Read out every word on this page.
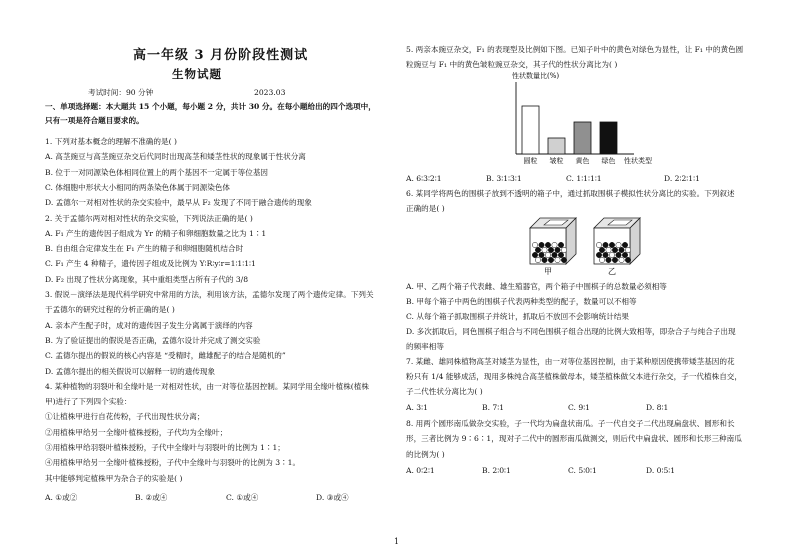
高一年级 3 月份阶段性测试
生物试题
考试时间：90 分钟	2023.03
一、单项选择题：本大题共 15 个小题，每小题 2 分，共计 30 分。在每小题给出的四个选项中，
只有一项是符合题目要求的。
1. 下列对基本概念的理解不准确的是( )
A. 高茎豌豆与高茎豌豆杂交后代同时出现高茎和矮茎性状的现象属于性状分离
B. 位于一对同源染色体相同位置上的两个基因不一定属于等位基因
C. 体细胞中形状大小相同的两条染色体属于同源染色体
D. 孟德尔一对相对性状的杂交实验中，最早从 F₂ 发现了不同于融合遗传的现象
2. 关于孟德尔两对相对性状的杂交实验，下列说法正确的是( )
A. F₁ 产生的遗传因子组成为 Yr 的精子和卵细胞数量之比为 1∶1
B. 自由组合定律发生在 F₁ 产生的精子和卵细胞随机结合时
C. F₁ 产生 4 种精子，遗传因子组成及比例为 Y∶R∶y∶r=1∶1∶1∶1
D. F₂ 出现了性状分离现象，其中重组类型占所有子代的 3/8
3. 假说－演绎法是现代科学研究中常用的方法，利用该方法，孟德尔发现了两个遗传定律。下列关
于孟德尔的研究过程的分析正确的是( )
A. 亲本产生配子时，成对的遗传因子发生分离属于演绎的内容
B. 为了验证提出的假说是否正确，孟德尔设计并完成了测交实验
C. 孟德尔提出的假说的核心内容是 “受精时，雌雄配子的结合是随机的”
D. 孟德尔提出的相关假说可以解释一切的遗传现象
4. 某种植物的羽裂叶和全缘叶是一对相对性状，由一对等位基因控制。某同学用全缘叶植株(植株
甲)进行了下列四个实验：
①让植株甲进行自花传粉，子代出现性状分离；
②用植株甲给另一全缘叶植株授粉，子代均为全缘叶；
③用植株甲给羽裂叶植株授粉，子代中全缘叶与羽裂叶的比例为 1∶1；
④用植株甲给另一全缘叶植株授粉，子代中全缘叶与羽裂叶的比例为 3∶1。
其中能够判定植株甲为杂合子的实验是( )
A. ①或②	B. ②或④	C. ①或④	D. ③或④
5. 两亲本豌豆杂交，F₁ 的表现型及比例如下图。已知子叶中的黄色对绿色为显性，让 F₁ 中的黄色圆
粒豌豆与 F₁ 中的黄色皱粒豌豆杂交，其子代的性状分离比为( )
性状数量比(%)
圆粒 皱粒 黄色 绿色 性状类型
A. 6∶3∶2∶1	B. 3∶1∶3∶1	C. 1∶1∶1∶1	D. 2∶2∶1∶1
6. 某同学将两色的围棋子放到不透明的箱子中，通过抓取围棋子模拟性状分离比的实验。下列叙述
正确的是( )
甲	乙
A. 甲、乙两个箱子代表雌、雄生殖器官，两个箱子中围棋子的总数量必须相等
B. 甲每个箱子中两色的围棋子代表两种类型的配子，数量可以不相等
C. 从每个箱子抓取围棋子并统计，抓取后不放回不会影响统计结果
D. 多次抓取后，同色围棋子组合与不同色围棋子组合出现的比例大致相等，即杂合子与纯合子出现
的频率相等
7. 某雌、雄同株植物高茎对矮茎为显性，由一对等位基因控制，由于某种原因使携带矮茎基因的花
粉只有 1/4 能够成活，现用多株纯合高茎植株做母本，矮茎植株做父本进行杂交，子一代植株自交，
子二代性状分离比为( )
A. 3∶1	B. 7∶1	C. 9∶1	D. 8∶1
8. 用两个圆形南瓜做杂交实验，子一代均为扁盘状南瓜。子一代自交子二代出现扁盘状、圆形和长
形，三者比例为 9∶6∶1，现对子二代中的圆形南瓜做测交，则后代中扁盘状、圆形和长形三种南瓜
的比例为( )
A. 0∶2∶1	B. 2∶0∶1	C. 5∶0∶1	D. 0∶5∶1
1
